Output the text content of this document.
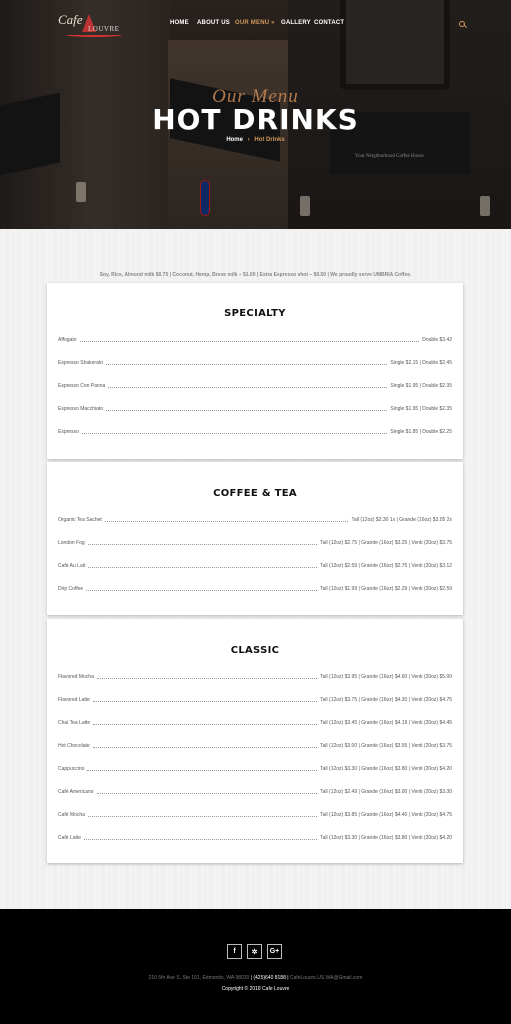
Your Neighborhood Coffee House
Cafe
LOUVRE
HOME ABOUT US OUR MENU » GALLERY CONTACT
Our Menu
HOT DRINKS
Home › Hot Drinks
Soy, Rice, Almond milk $0.75 | Coconut, Hemp, Breve milk – $1.00 | Extra Espresso shot – $0.50 | We proudly serve UMBRIA Coffee.
SPECIALTY
Affogato	Double $3.42
Espresso Shakerato	Single $2.15 | Double $2.45
Espresso Con Panna	Single $1.95 | Double $2.35
Espresso Macchiato	Single $1.95 | Double $2.35
Espresso	Single $1.85 | Double $2.25
COFFEE & TEA
Organic Tea Sachet	Tall (12oz) $2.30 1x | Grande (16oz) $3.05 2x
London Fog	Tall (12oz) $2.75 | Grande (16oz) $3.25 | Venti (20oz) $3.75
Café Au Lait	Tall (12oz) $2.59 | Grande (16oz) $2.75 | Venti (20oz) $3.12
Drip Coffee	Tall (12oz) $1.99 | Grande (16oz) $2.29 | Venti (20oz) $2.59
CLASSIC
Flavored Mocha	Tall (12oz) $3.95 | Grande (16oz) $4.60 | Venti (20oz) $5.00
Flavored Latte	Tall (12oz) $3.75 | Grande (16oz) $4.30 | Venti (20oz) $4.75
Chai Tea Latte	Tall (12oz) $3.45 | Grande (16oz) $4.19 | Venti (20oz) $4.45
Hot Chocolate	Tall (12oz) $3.00 | Grande (16oz) $3.55 | Venti (20oz) $3.75
Cappuccino	Tall (12oz) $3.30 | Grande (16oz) $3.80 | Venti (20oz) $4.20
Café Americano	Tall (12oz) $2.49 | Grande (16oz) $3.00 | Venti (20oz) $3.30
Café Mocha	Tall (12oz) $3.85 | Grande (16oz) $4.40 | Venti (20oz) $4.75
Café Latte	Tall (12oz) $3.30 | Grande (16oz) $3.80 | Venti (20oz) $4.20
f	✲	G+
210 5th Ave S, Ste 101, Edmonds, WA 98020 | (425)640 8188 | CafeLouvre.US.WA@Gmail.com
Copyright © 2018 Cafe Louvre
